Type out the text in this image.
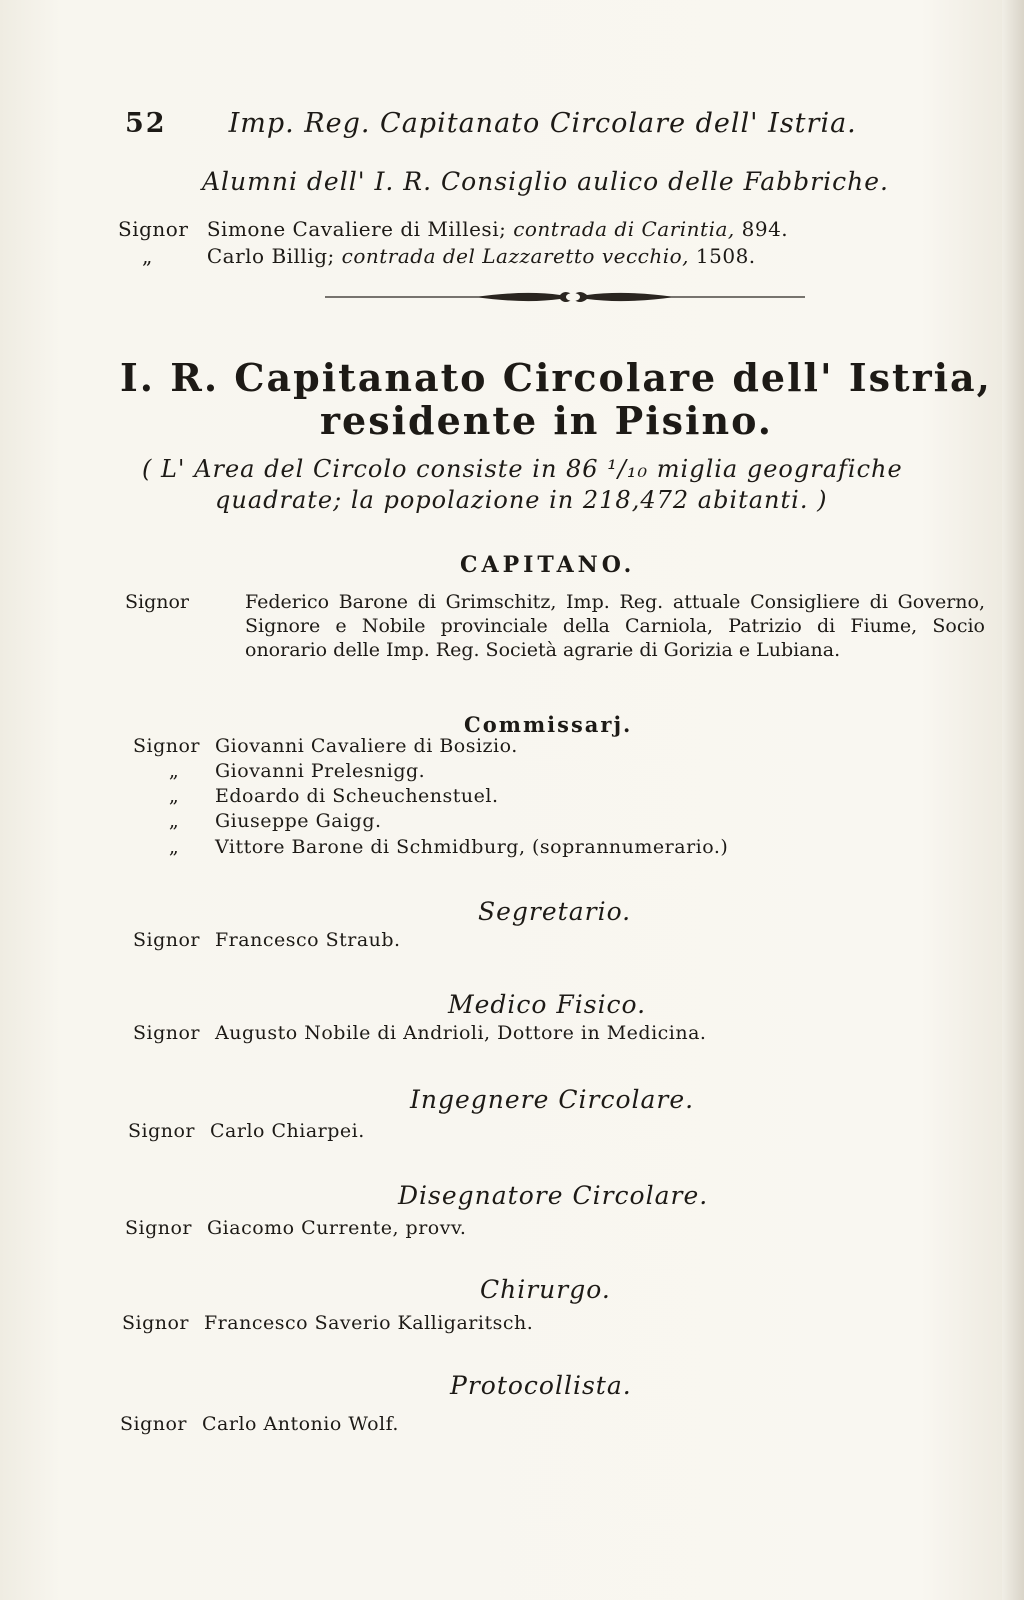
52 Imp. Reg. Capitanato Circolare dell' Istria.
Alumni dell' I. R. Consiglio aulico delle Fabbriche.
Signor Simone Cavaliere di Millesi; contrada di Carintia, 894.
„	Carlo Billig; contrada del Lazzaretto vecchio, 1508.
I. R. Capitanato Circolare dell' Istria,
residente in Pisino.
( L' Area del Circolo consiste in 86 ¹/₁₀ miglia geografiche
quadrate; la popolazione in 218,472 abitanti. )
CAPITANO.
Signor	Federico Barone di Grimschitz, Imp. Reg. attuale Consigliere di Governo, Signore e Nobile provinciale della Carniola, Patrizio di Fiume, Socio onorario delle Imp. Reg. Società agrarie di Gorizia e Lubiana.
Commissarj.
Signor Giovanni Cavaliere di Bosizio.
„ Giovanni Prelesnigg.
„ Edoardo di Scheuchenstuel.
„ Giuseppe Gaigg.
„ Vittore Barone di Schmidburg, (soprannumerario.)
Segretario.
Signor Francesco Straub.
Medico Fisico.
Signor Augusto Nobile di Andrioli, Dottore in Medicina.
Ingegnere Circolare.
Signor Carlo Chiarpei.
Disegnatore Circolare.
Signor Giacomo Currente, provv.
Chirurgo.
Signor Francesco Saverio Kalligaritsch.
Protocollista.
Signor Carlo Antonio Wolf.
